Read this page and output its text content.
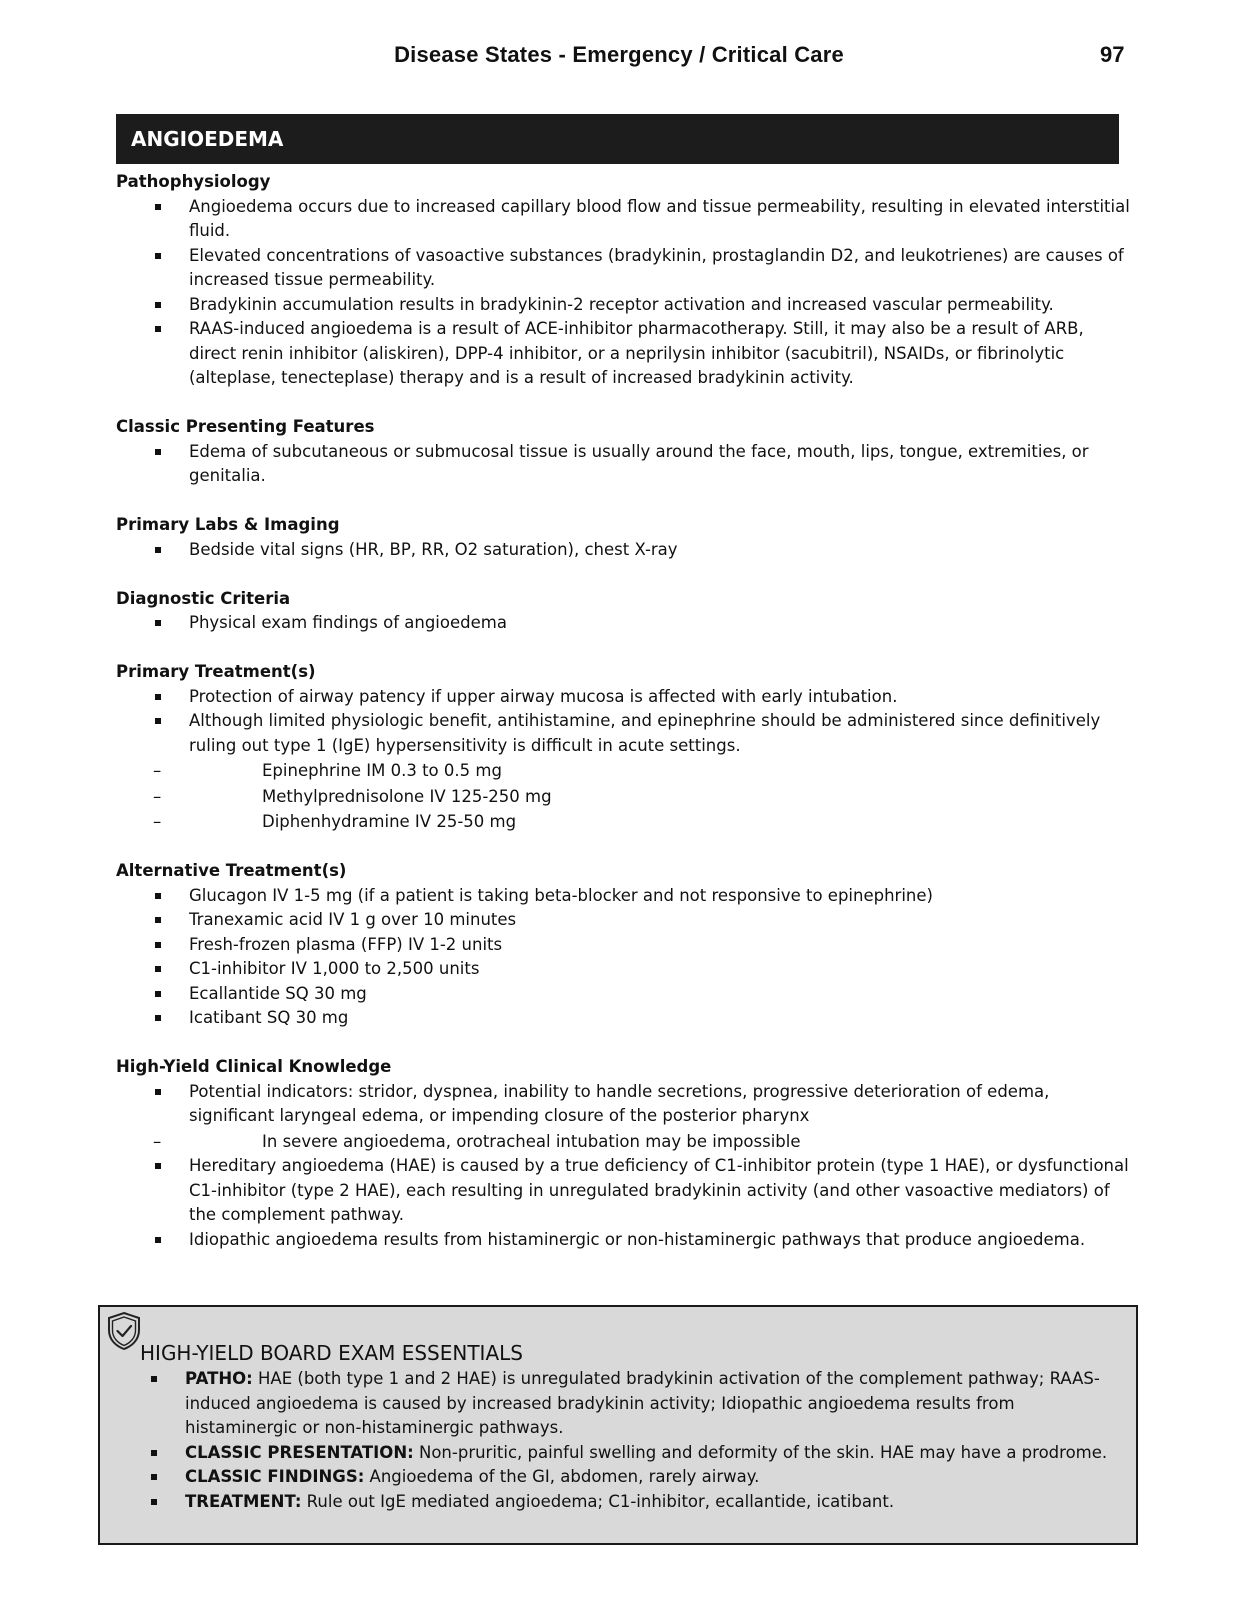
Disease States - Emergency / Critical Care	97
ANGIOEDEMA

Pathophysiology

Angioedema occurs due to increased capillary blood flow and tissue permeability, resulting in elevated interstitial fluid.
Elevated concentrations of vasoactive substances (bradykinin, prostaglandin D2, and leukotrienes) are causes of increased tissue permeability.
Bradykinin accumulation results in bradykinin-2 receptor activation and increased vascular permeability.
RAAS-induced angioedema is a result of ACE-inhibitor pharmacotherapy. Still, it may also be a result of ARB, direct renin inhibitor (aliskiren), DPP-4 inhibitor, or a neprilysin inhibitor (sacubitril), NSAIDs, or fibrinolytic (alteplase, tenecteplase) therapy and is a result of increased bradykinin activity.

Classic Presenting Features

Edema of subcutaneous or submucosal tissue is usually around the face, mouth, lips, tongue, extremities, or genitalia.

Primary Labs & Imaging

Bedside vital signs (HR, BP, RR, O2 saturation), chest X-ray

Diagnostic Criteria

Physical exam findings of angioedema

Primary Treatment(s)

Protection of airway patency if upper airway mucosa is affected with early intubation.
Although limited physiologic benefit, antihistamine, and epinephrine should be administered since definitively ruling out type 1 (IgE) hypersensitivity is difficult in acute settings.
– Epinephrine IM 0.3 to 0.5 mg
– Methylprednisolone IV 125-250 mg
– Diphenhydramine IV 25-50 mg

Alternative Treatment(s)

Glucagon IV 1-5 mg (if a patient is taking beta-blocker and not responsive to epinephrine)
Tranexamic acid IV 1 g over 10 minutes
Fresh-frozen plasma (FFP) IV 1-2 units
C1-inhibitor IV 1,000 to 2,500 units
Ecallantide SQ 30 mg
Icatibant SQ 30 mg

High-Yield Clinical Knowledge

Potential indicators: stridor, dyspnea, inability to handle secretions, progressive deterioration of edema, significant laryngeal edema, or impending closure of the posterior pharynx
– In severe angioedema, orotracheal intubation may be impossible
Hereditary angioedema (HAE) is caused by a true deficiency of C1-inhibitor protein (type 1 HAE), or dysfunctional C1-inhibitor (type 2 HAE), each resulting in unregulated bradykinin activity (and other vasoactive mediators) of the complement pathway.
Idiopathic angioedema results from histaminergic or non-histaminergic pathways that produce angioedema.
HIGH-YIELD BOARD EXAM ESSENTIALS
PATHO: HAE (both type 1 and 2 HAE) is unregulated bradykinin activation of the complement pathway; RAAS-induced angioedema is caused by increased bradykinin activity; Idiopathic angioedema results from histaminergic or non-histaminergic pathways.
CLASSIC PRESENTATION: Non-pruritic, painful swelling and deformity of the skin. HAE may have a prodrome.
CLASSIC FINDINGS: Angioedema of the GI, abdomen, rarely airway.
TREATMENT: Rule out IgE mediated angioedema; C1-inhibitor, ecallantide, icatibant.
